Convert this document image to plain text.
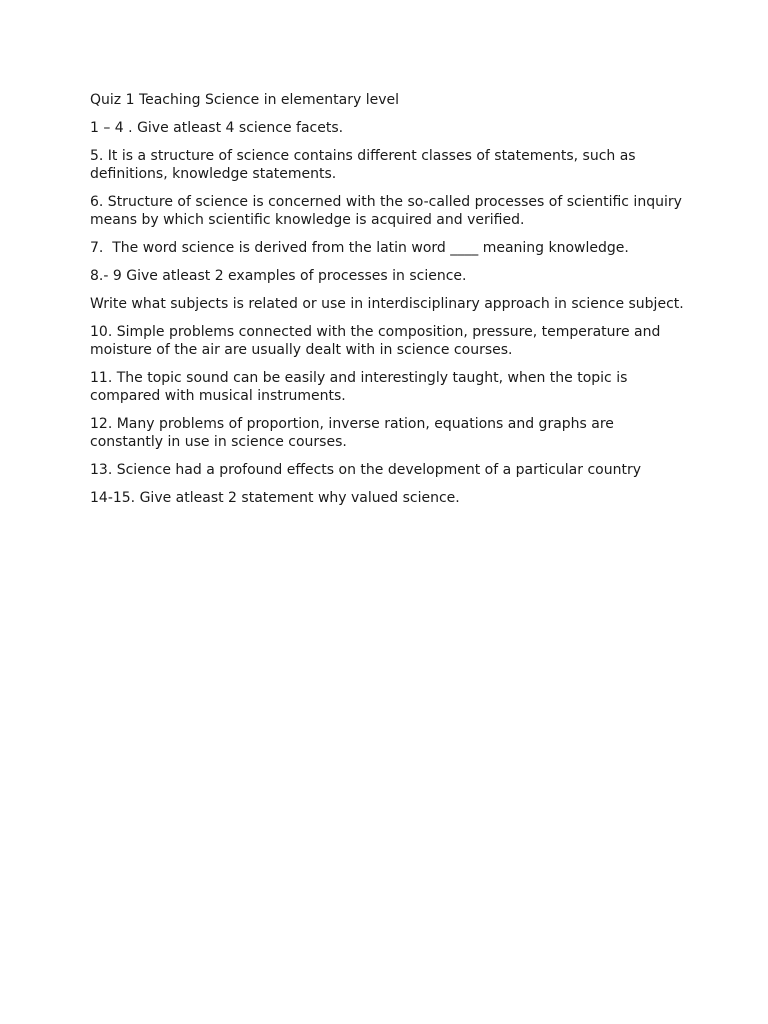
Quiz 1 Teaching Science in elementary level

1 – 4 . Give atleast 4 science facets.

5. It is a structure of science contains different classes of statements, such as definitions, knowledge statements.

6. Structure of science is concerned with the so-called processes of scientific inquiry means by which scientific knowledge is acquired and verified.

7.  The word science is derived from the latin word ____ meaning knowledge.

8.- 9 Give atleast 2 examples of processes in science.

Write what subjects is related or use in interdisciplinary approach in science subject.

10. Simple problems connected with the composition, pressure, temperature and moisture of the air are usually dealt with in science courses.

11. The topic sound can be easily and interestingly taught, when the topic is compared with musical instruments.

12. Many problems of proportion, inverse ration, equations and graphs are constantly in use in science courses.

13. Science had a profound effects on the development of a particular country

14-15. Give atleast 2 statement why valued science.
